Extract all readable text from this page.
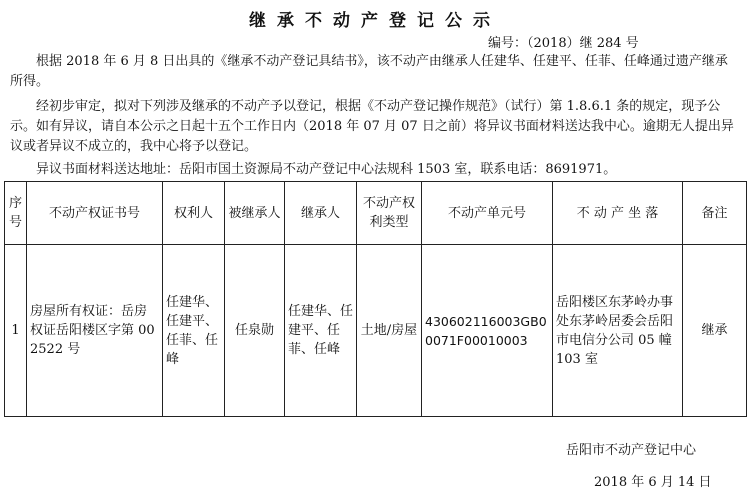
继承不动产登记公示
编号：（2018）继 284 号

根据 2018 年 6 月 8 日出具的《继承不动产登记具结书》，该不动产由继承人任建华、任建平、任菲、任峰通过遗产继承所得。

经初步审定，拟对下列涉及继承的不动产予以登记，根据《不动产登记操作规范》（试行）第 1.8.6.1 条的规定，现予公示。如有异议，请自本公示之日起十五个工作日内（2018 年 07 月 07 日之前）将异议书面材料送达我中心。逾期无人提出异议或者异议不成立的，我中心将予以登记。

异议书面材料送达地址：岳阳市国土资源局不动产登记中心法规科 1503 室，联系电话：8691971。

序号	不动产权证书号	权利人	被继承人	继承人	不动产权利类型	不动产单元号	不 动 产 坐 落	备注
1	房屋所有权证：岳房权证岳阳楼区字第 002522 号	任建华、任建平、任菲、任峰	任泉勋	任建华、任建平、任菲、任峰	土地/房屋	430602116003GB00071F00010003	岳阳楼区东茅岭办事处东茅岭居委会岳阳市电信分公司 05 幢 103 室	继承
岳阳市不动产登记中心
2018 年 6 月 14 日
